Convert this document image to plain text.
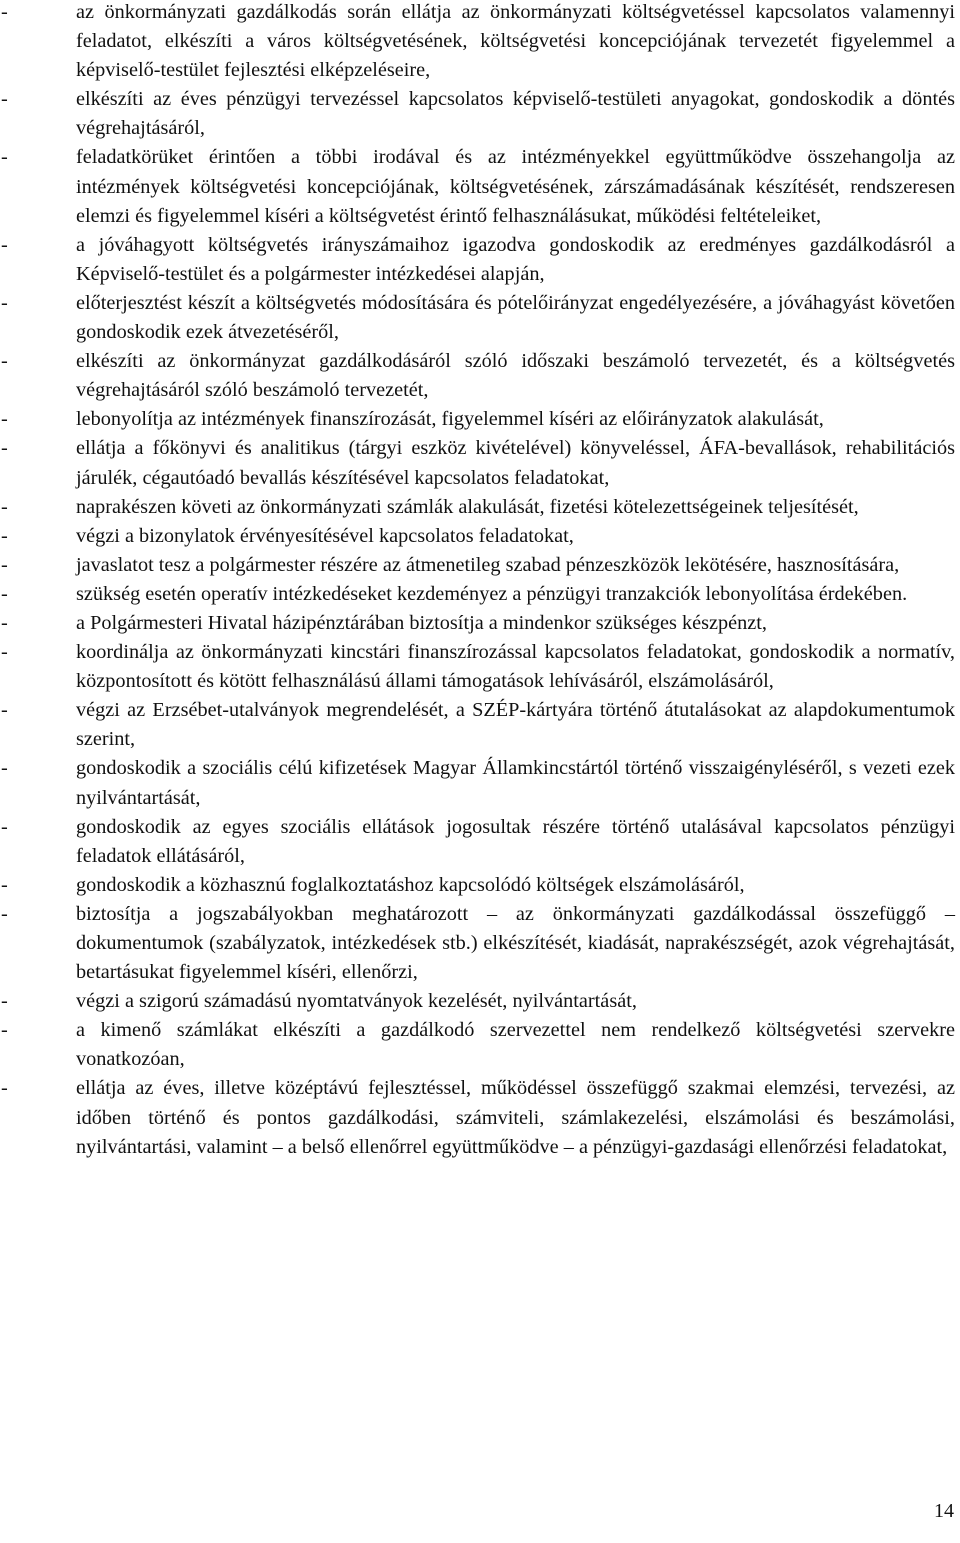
-	az önkormányzati gazdálkodás során ellátja az önkormányzati költségvetéssel kapcsolatos valamennyi feladatot, elkészíti a város költségvetésének, költségvetési koncepciójának tervezetét figyelemmel a képviselő-testület fejlesztési elképzeléseire,
-	elkészíti az éves pénzügyi tervezéssel kapcsolatos képviselő-testületi anyagokat, gondoskodik a döntés végrehajtásáról,
-	feladatkörüket érintően a többi irodával és az intézményekkel együttműködve összehangolja az intézmények költségvetési koncepciójának, költségvetésének, zárszámadásának készítését, rendszeresen elemzi és figyelemmel kíséri a költségvetést érintő felhasználásukat, működési feltételeiket,
-	a jóváhagyott költségvetés irányszámaihoz igazodva gondoskodik az eredményes gazdálkodásról a Képviselő-testület és a polgármester intézkedései alapján,
-	előterjesztést készít a költségvetés módosítására és pótelőirányzat engedélyezésére, a jóváhagyást követően gondoskodik ezek átvezetéséről,
-	elkészíti az önkormányzat gazdálkodásáról szóló időszaki beszámoló tervezetét, és a költségvetés végrehajtásáról szóló beszámoló tervezetét,
-	lebonyolítja az intézmények finanszírozását, figyelemmel kíséri az előirányzatok alakulását,
-	ellátja a főkönyvi és analitikus (tárgyi eszköz kivételével) könyveléssel, ÁFA-bevallások, rehabilitációs járulék, cégautóadó bevallás készítésével kapcsolatos feladatokat,
-	naprakészen követi az önkormányzati számlák alakulását, fizetési kötelezettségeinek teljesítését,
-	végzi a bizonylatok érvényesítésével kapcsolatos feladatokat,
-	javaslatot tesz a polgármester részére az átmenetileg szabad pénzeszközök lekötésére, hasznosítására,
-	szükség esetén operatív intézkedéseket kezdeményez a pénzügyi tranzakciók lebonyolítása érdekében.
-	a Polgármesteri Hivatal házipénztárában biztosítja a mindenkor szükséges készpénzt,
-	koordinálja az önkormányzati kincstári finanszírozással kapcsolatos feladatokat, gondoskodik a normatív, központosított és kötött felhasználású állami támogatások lehívásáról, elszámolásáról,
-	végzi az Erzsébet-utalványok megrendelését, a SZÉP-kártyára történő átutalásokat az alapdokumentumok szerint,
-	gondoskodik a szociális célú kifizetések Magyar Államkincstártól történő visszaigényléséről, s vezeti ezek nyilvántartását,
-	gondoskodik az egyes szociális ellátások jogosultak részére történő utalásával kapcsolatos pénzügyi feladatok ellátásáról,
-	gondoskodik a közhasznú foglalkoztatáshoz kapcsolódó költségek elszámolásáról,
-	biztosítja a jogszabályokban meghatározott – az önkormányzati gazdálkodással összefüggő – dokumentumok (szabályzatok, intézkedések stb.) elkészítését, kiadását, naprakészségét, azok végrehajtását, betartásukat figyelemmel kíséri, ellenőrzi,
-	végzi a szigorú számadású nyomtatványok kezelését, nyilvántartását,
-	a kimenő számlákat elkészíti a gazdálkodó szervezettel nem rendelkező költségvetési szervekre vonatkozóan,
-	ellátja az éves, illetve középtávú fejlesztéssel, működéssel összefüggő szakmai elemzési, tervezési, az időben történő és pontos gazdálkodási, számviteli, számlakezelési, elszámolási és beszámolási, nyilvántartási, valamint – a belső ellenőrrel együttműködve – a pénzügyi-gazdasági ellenőrzési feladatokat,
14
